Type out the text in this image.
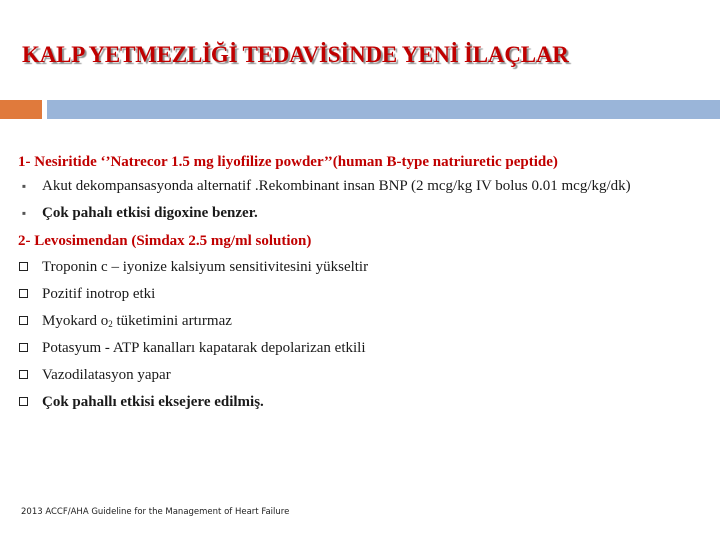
KALP YETMEZLİĞİ TEDAVİSİNDE YENİ İLAÇLAR
1- Nesiritide ‘’Natrecor 1.5 mg liyofilize powder’’(human B-type natriuretic peptide)
▪ Akut dekompansasyonda alternatif .Rekombinant insan BNP (2 mcg/kg IV bolus 0.01 mcg/kg/dk)
▪ Çok pahalı etkisi digoxine benzer.
2- Levosimendan (Simdax 2.5 mg/ml solution)
Troponin c – iyonize kalsiyum sensitivitesini yükseltir
Pozitif inotrop etki
Myokard $o_2$ tüketimini artırmaz
Potasyum - ATP kanalları kapatarak depolarizan etkili
Vazodilatasyon yapar
Çok pahallı etkisi eksejere edilmiş.
2013 ACCF/AHA Guideline for the Management of Heart Failure
